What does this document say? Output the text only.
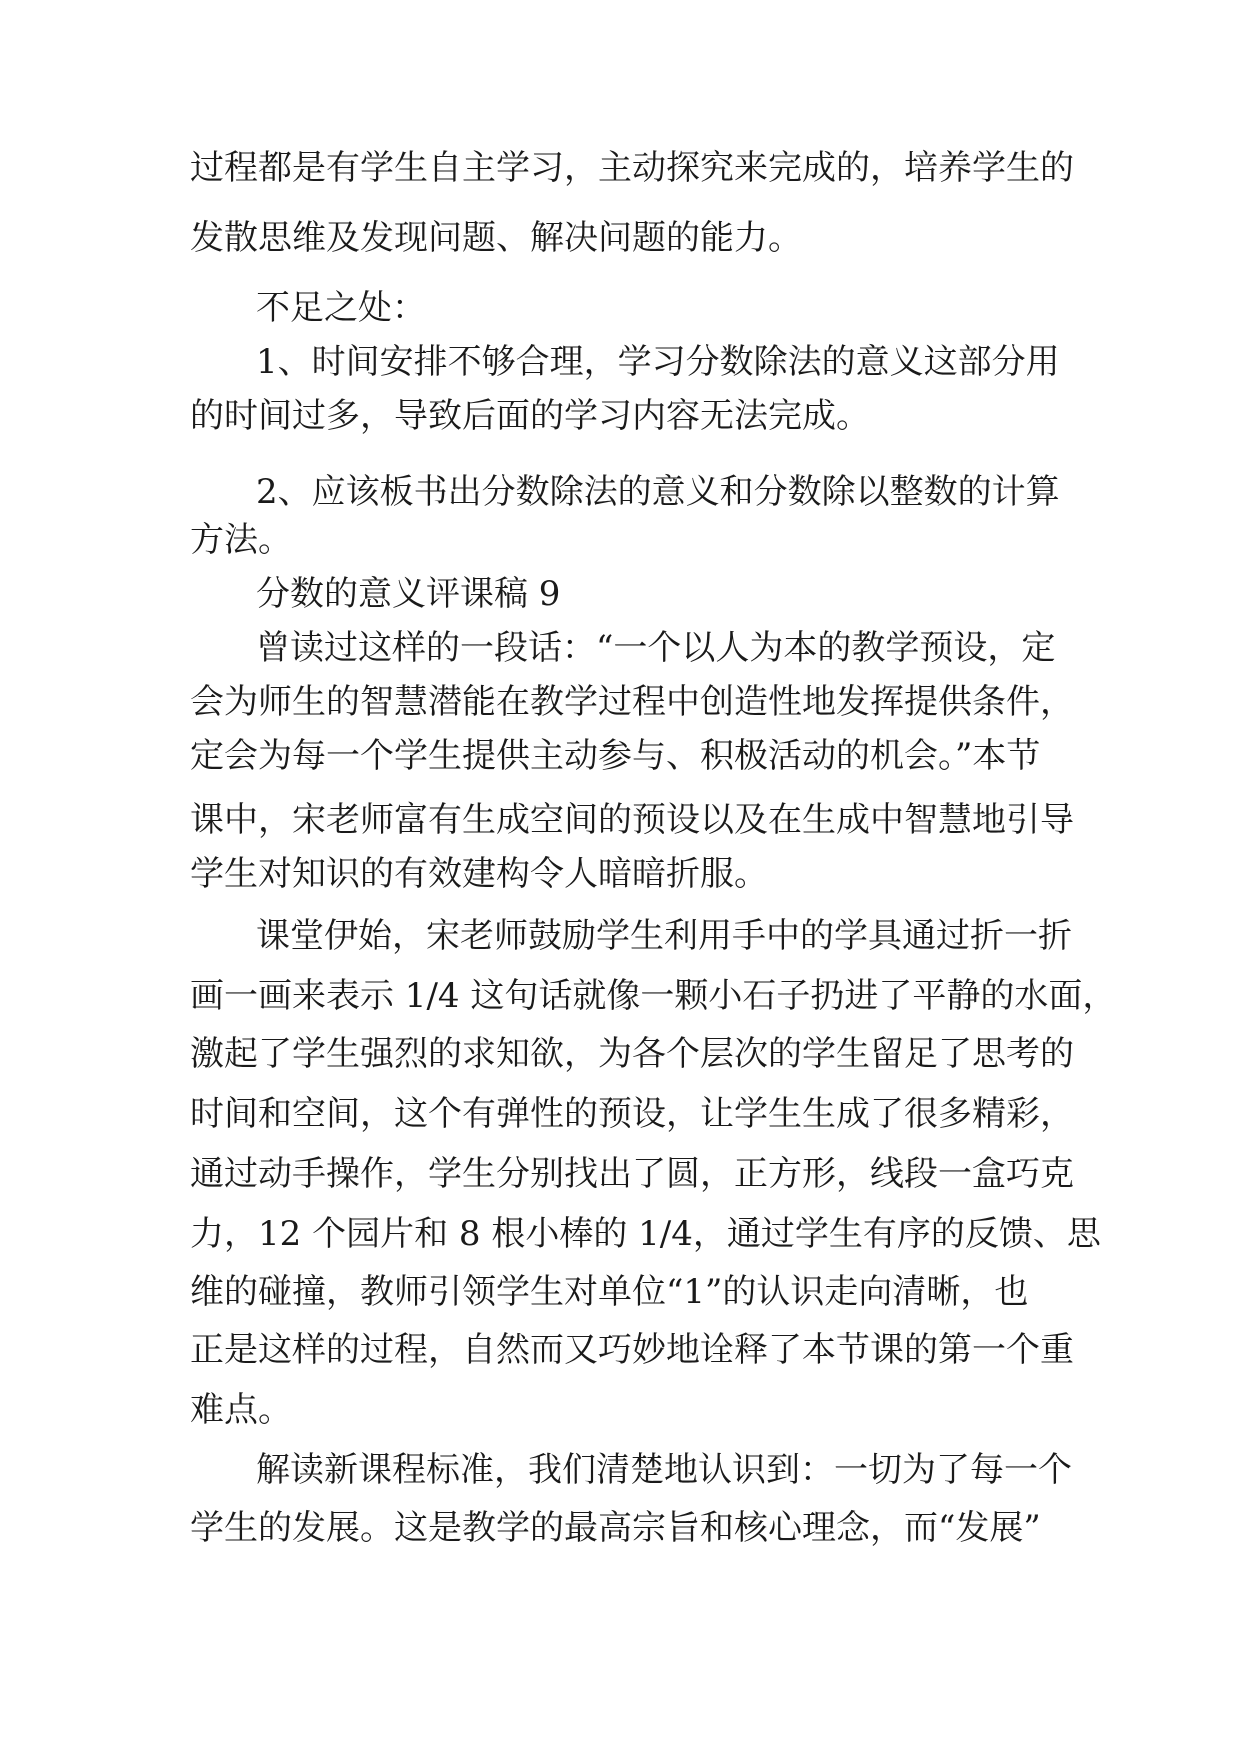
过程都是有学生自主学习，主动探究来完成的，培养学生的
发散思维及发现问题、解决问题的能力。
不足之处：
1、时间安排不够合理，学习分数除法的意义这部分用
的时间过多，导致后面的学习内容无法完成。
2、应该板书出分数除法的意义和分数除以整数的计算
方法。
分数的意义评课稿 9
曾读过这样的一段话：“一个以人为本的教学预设，定
会为师生的智慧潜能在教学过程中创造性地发挥提供条件，
定会为每一个学生提供主动参与、积极活动的机会。”本节
课中，宋老师富有生成空间的预设以及在生成中智慧地引导
学生对知识的有效建构令人暗暗折服。
课堂伊始，宋老师鼓励学生利用手中的学具通过折一折
画一画来表示 1/4 这句话就像一颗小石子扔进了平静的水面，
激起了学生强烈的求知欲，为各个层次的学生留足了思考的
时间和空间，这个有弹性的预设，让学生生成了很多精彩，
通过动手操作，学生分别找出了圆，正方形，线段一盒巧克
力，12 个园片和 8 根小棒的 1/4，通过学生有序的反馈、思
维的碰撞，教师引领学生对单位“1”的认识走向清晰，也
正是这样的过程，自然而又巧妙地诠释了本节课的第一个重
难点。
解读新课程标准，我们清楚地认识到：一切为了每一个
学生的发展。这是教学的最高宗旨和核心理念，而“发展”
